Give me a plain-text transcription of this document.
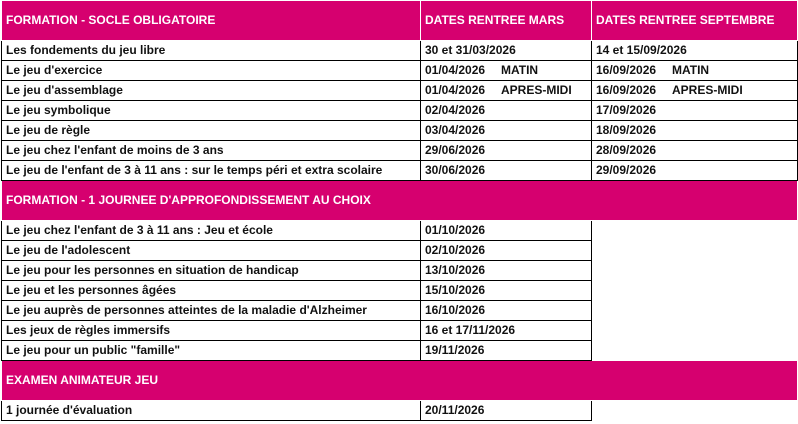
FORMATION - SOCLE OBLIGATOIRE	DATES RENTREE MARS	DATES RENTREE SEPTEMBRE
Les fondements du jeu libre	30 et 31/03/2026	14 et 15/09/2026
Le jeu d'exercice	01/04/2026 MATIN	16/09/2026 MATIN
Le jeu d'assemblage	01/04/2026 APRES-MIDI	16/09/2026 APRES-MIDI
Le jeu symbolique	02/04/2026	17/09/2026
Le jeu de règle	03/04/2026	18/09/2026
Le jeu chez l'enfant de moins de 3 ans	29/06/2026	28/09/2026
Le jeu de l'enfant de 3 à 11 ans : sur le temps péri et extra scolaire	30/06/2026	29/09/2026
FORMATION - 1 JOURNEE D'APPROFONDISSEMENT AU CHOIX		
Le jeu chez l'enfant de 3 à 11 ans : Jeu et école	01/10/2026	
Le jeu de l'adolescent	02/10/2026	
Le jeu pour les personnes en situation de handicap	13/10/2026	
Le jeu et les personnes âgées	15/10/2026	
Le jeu auprès de personnes atteintes de la maladie d'Alzheimer	16/10/2026	
Les jeux de règles immersifs	16 et 17/11/2026	
Le jeu pour un public "famille"	19/11/2026	
EXAMEN ANIMATEUR JEU		
1 journée d'évaluation	20/11/2026	
